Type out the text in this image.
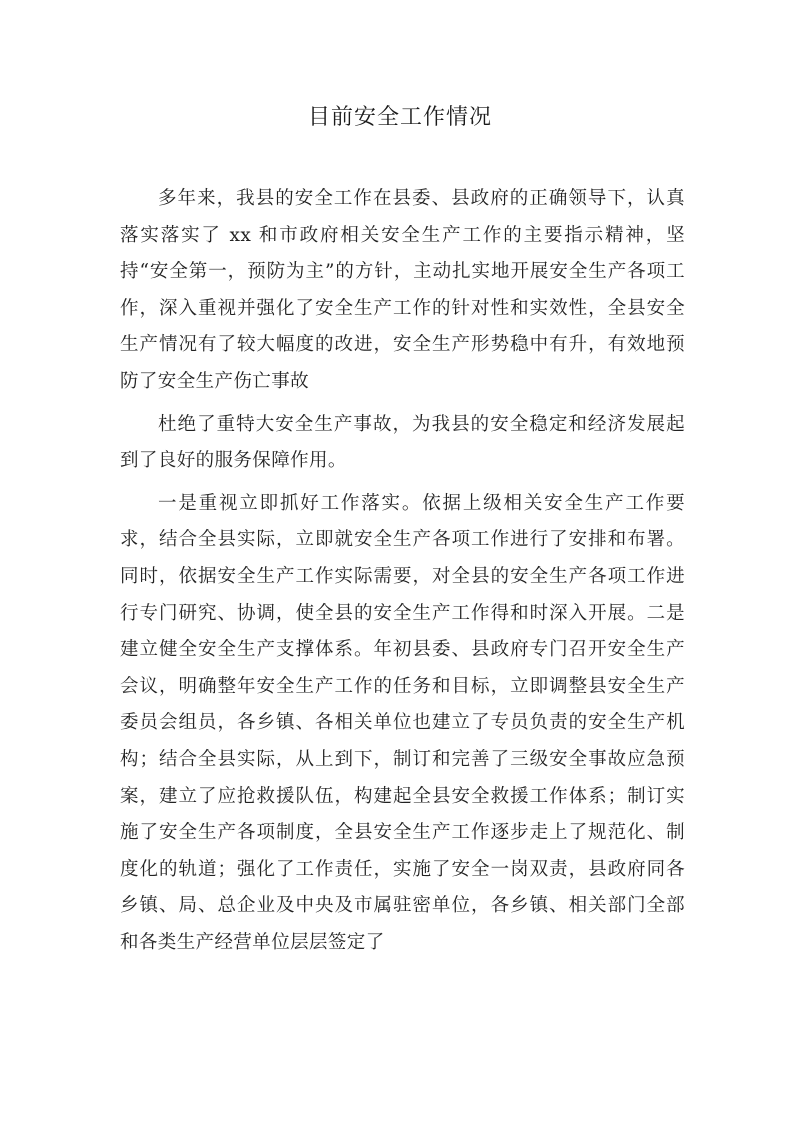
目前安全工作情况

多年来，我县的安全工作在县委、县政府的正确领导下，认真落实落实了 xx 和市政府相关安全生产工作的主要指示精神，坚持“安全第一，预防为主”的方针，主动扎实地开展安全生产各项工作，深入重视并强化了安全生产工作的针对性和实效性，全县安全生产情况有了较大幅度的改进，安全生产形势稳中有升，有效地预防了安全生产伤亡事故

杜绝了重特大安全生产事故，为我县的安全稳定和经济发展起到了良好的服务保障作用。

一是重视立即抓好工作落实。依据上级相关安全生产工作要求，结合全县实际，立即就安全生产各项工作进行了安排和布署。同时，依据安全生产工作实际需要，对全县的安全生产各项工作进行专门研究、协调，使全县的安全生产工作得和时深入开展。二是建立健全安全生产支撑体系。年初县委、县政府专门召开安全生产会议，明确整年安全生产工作的任务和目标，立即调整县安全生产委员会组员，各乡镇、各相关单位也建立了专员负责的安全生产机构；结合全县实际，从上到下，制订和完善了三级安全事故应急预案，建立了应抢救援队伍，构建起全县安全救援工作体系；制订实施了安全生产各项制度，全县安全生产工作逐步走上了规范化、制度化的轨道；强化了工作责任，实施了安全一岗双责，县政府同各乡镇、局、总企业及中央及市属驻密单位，各乡镇、相关部门全部和各类生产经营单位层层签定了
